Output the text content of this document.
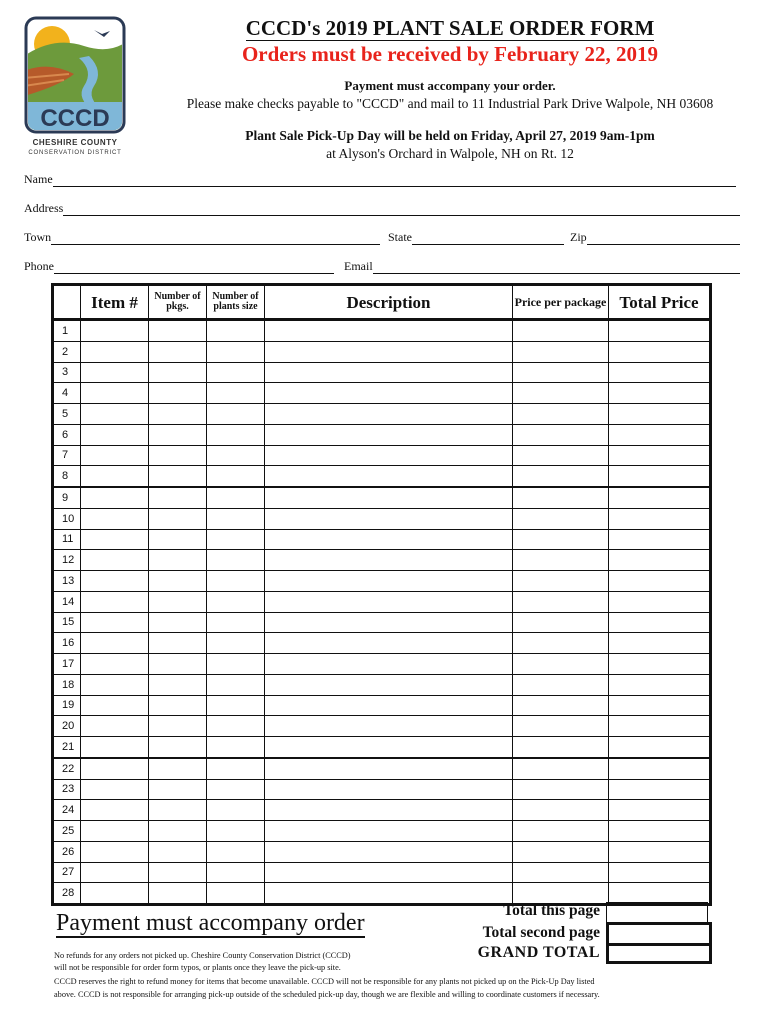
CCCD
CHESHIRE COUNTY
CONSERVATION DISTRICT
CCCD's 2019 PLANT SALE ORDER FORM
Orders must be received by February 22, 2019
Payment must accompany your order.
Please make checks payable to "CCCD" and mail to 11 Industrial Park Drive Walpole, NH 03608
Plant Sale Pick-Up Day will be held on Friday, April 27, 2019 9am-1pm
at Alyson's Orchard in Walpole, NH on Rt. 12
Name
Address
Town	State	Zip
Phone	Email
	Item #	Number of pkgs.	Number of plants size	Description	Price per package	Total Price
1						
2						
3						
4						
5						
6						
7						
8						
9						
10						
11						
12						
13						
14						
15						
16						
17						
18						
19						
20						
21						
22						
23						
24						
25						
26						
27						
28						
Payment must accompany order	Total this page
Total second page
GRAND TOTAL
No refunds for any orders not picked up. Cheshire County Conservation District (CCCD)
will not be responsible for order form typos, or plants once they leave the pick-up site.
CCCD reserves the right to refund money for items that become unavailable. CCCD will not be responsible for any plants not picked up on the Pick-Up Day listed
above. CCCD is not responsible for arranging pick-up outside of the scheduled pick-up day, though we are flexible and willing to coordinate customers if necessary.
